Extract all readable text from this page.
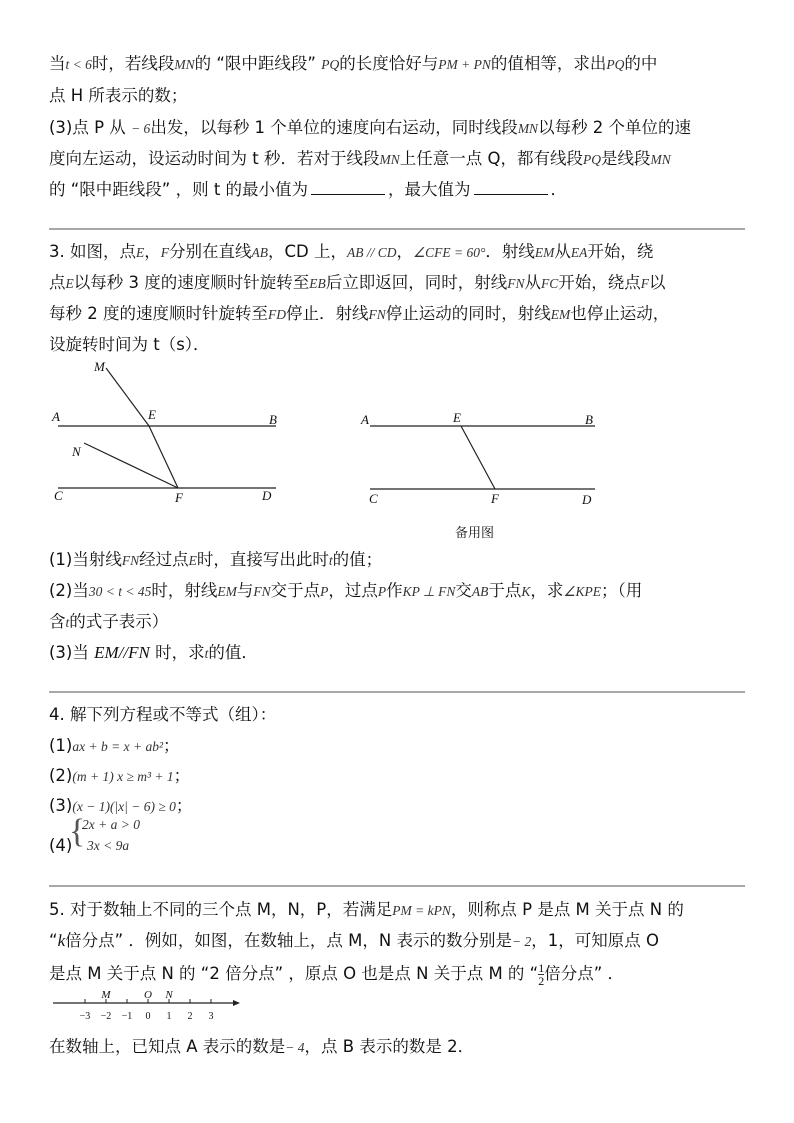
当t < 6时，若线段MN的 “限中距线段” PQ的长度恰好与PM + PN的值相等，求出PQ的中
点 H 所表示的数；
(3)点 P 从 − 6出发，以每秒 1 个单位的速度向右运动，同时线段MN以每秒 2 个单位的速
度向左运动，设运动时间为 t 秒．若对于线段MN上任意一点 Q，都有线段PQ是线段MN
的 “限中距线段” ，则 t 的最小值为	，最大值为	．
3. 如图，点E，F分别在直线AB，CD 上，AB // CD，∠CFE = 60°．射线EM从EA开始，绕
点E以每秒 3 度的速度顺时针旋转至EB后立即返回，同时，射线FN从FC开始，绕点F以
每秒 2 度的速度顺时针旋转至FD停止．射线FN停止运动的同时，射线EM也停止运动，
设旋转时间为 t（s）．
M
A	E	B
N
C	F	D
A	E	B
C	F	D
备用图
(1)当射线FN经过点E时，直接写出此时t的值；
(2)当30 < t < 45时，射线EM与FN交于点P，过点P作KP ⊥ FN交AB于点K，求∠KPE；（用
含t的式子表示）
(3)当 EM//FN 时，求t的值．
4. 解下列方程或不等式（组）：
(1)ax + b = x + ab²；
(2)(m + 1) x ≥ m³ + 1；
(3)(x − 1)(|x| − 6) ≥ 0；
(4)
{
2x + a > 0
3x < 9a
5. 对于数轴上不同的三个点 M，N，P，若满足PM = kPN，则称点 P 是点 M 关于点 N 的
“k倍分点” ．例如，如图，在数轴上，点 M，N 表示的数分别是− 2，1，可知原点 O
是点 M 关于点 N 的 “2 倍分点” ，原点 O 也是点 N 关于点 M 的 “ $\frac{1}{2}$ 倍分点” ．
−3 −2 −1 0 1 2 3
M	O N
在数轴上，已知点 A 表示的数是− 4，点 B 表示的数是 2．
